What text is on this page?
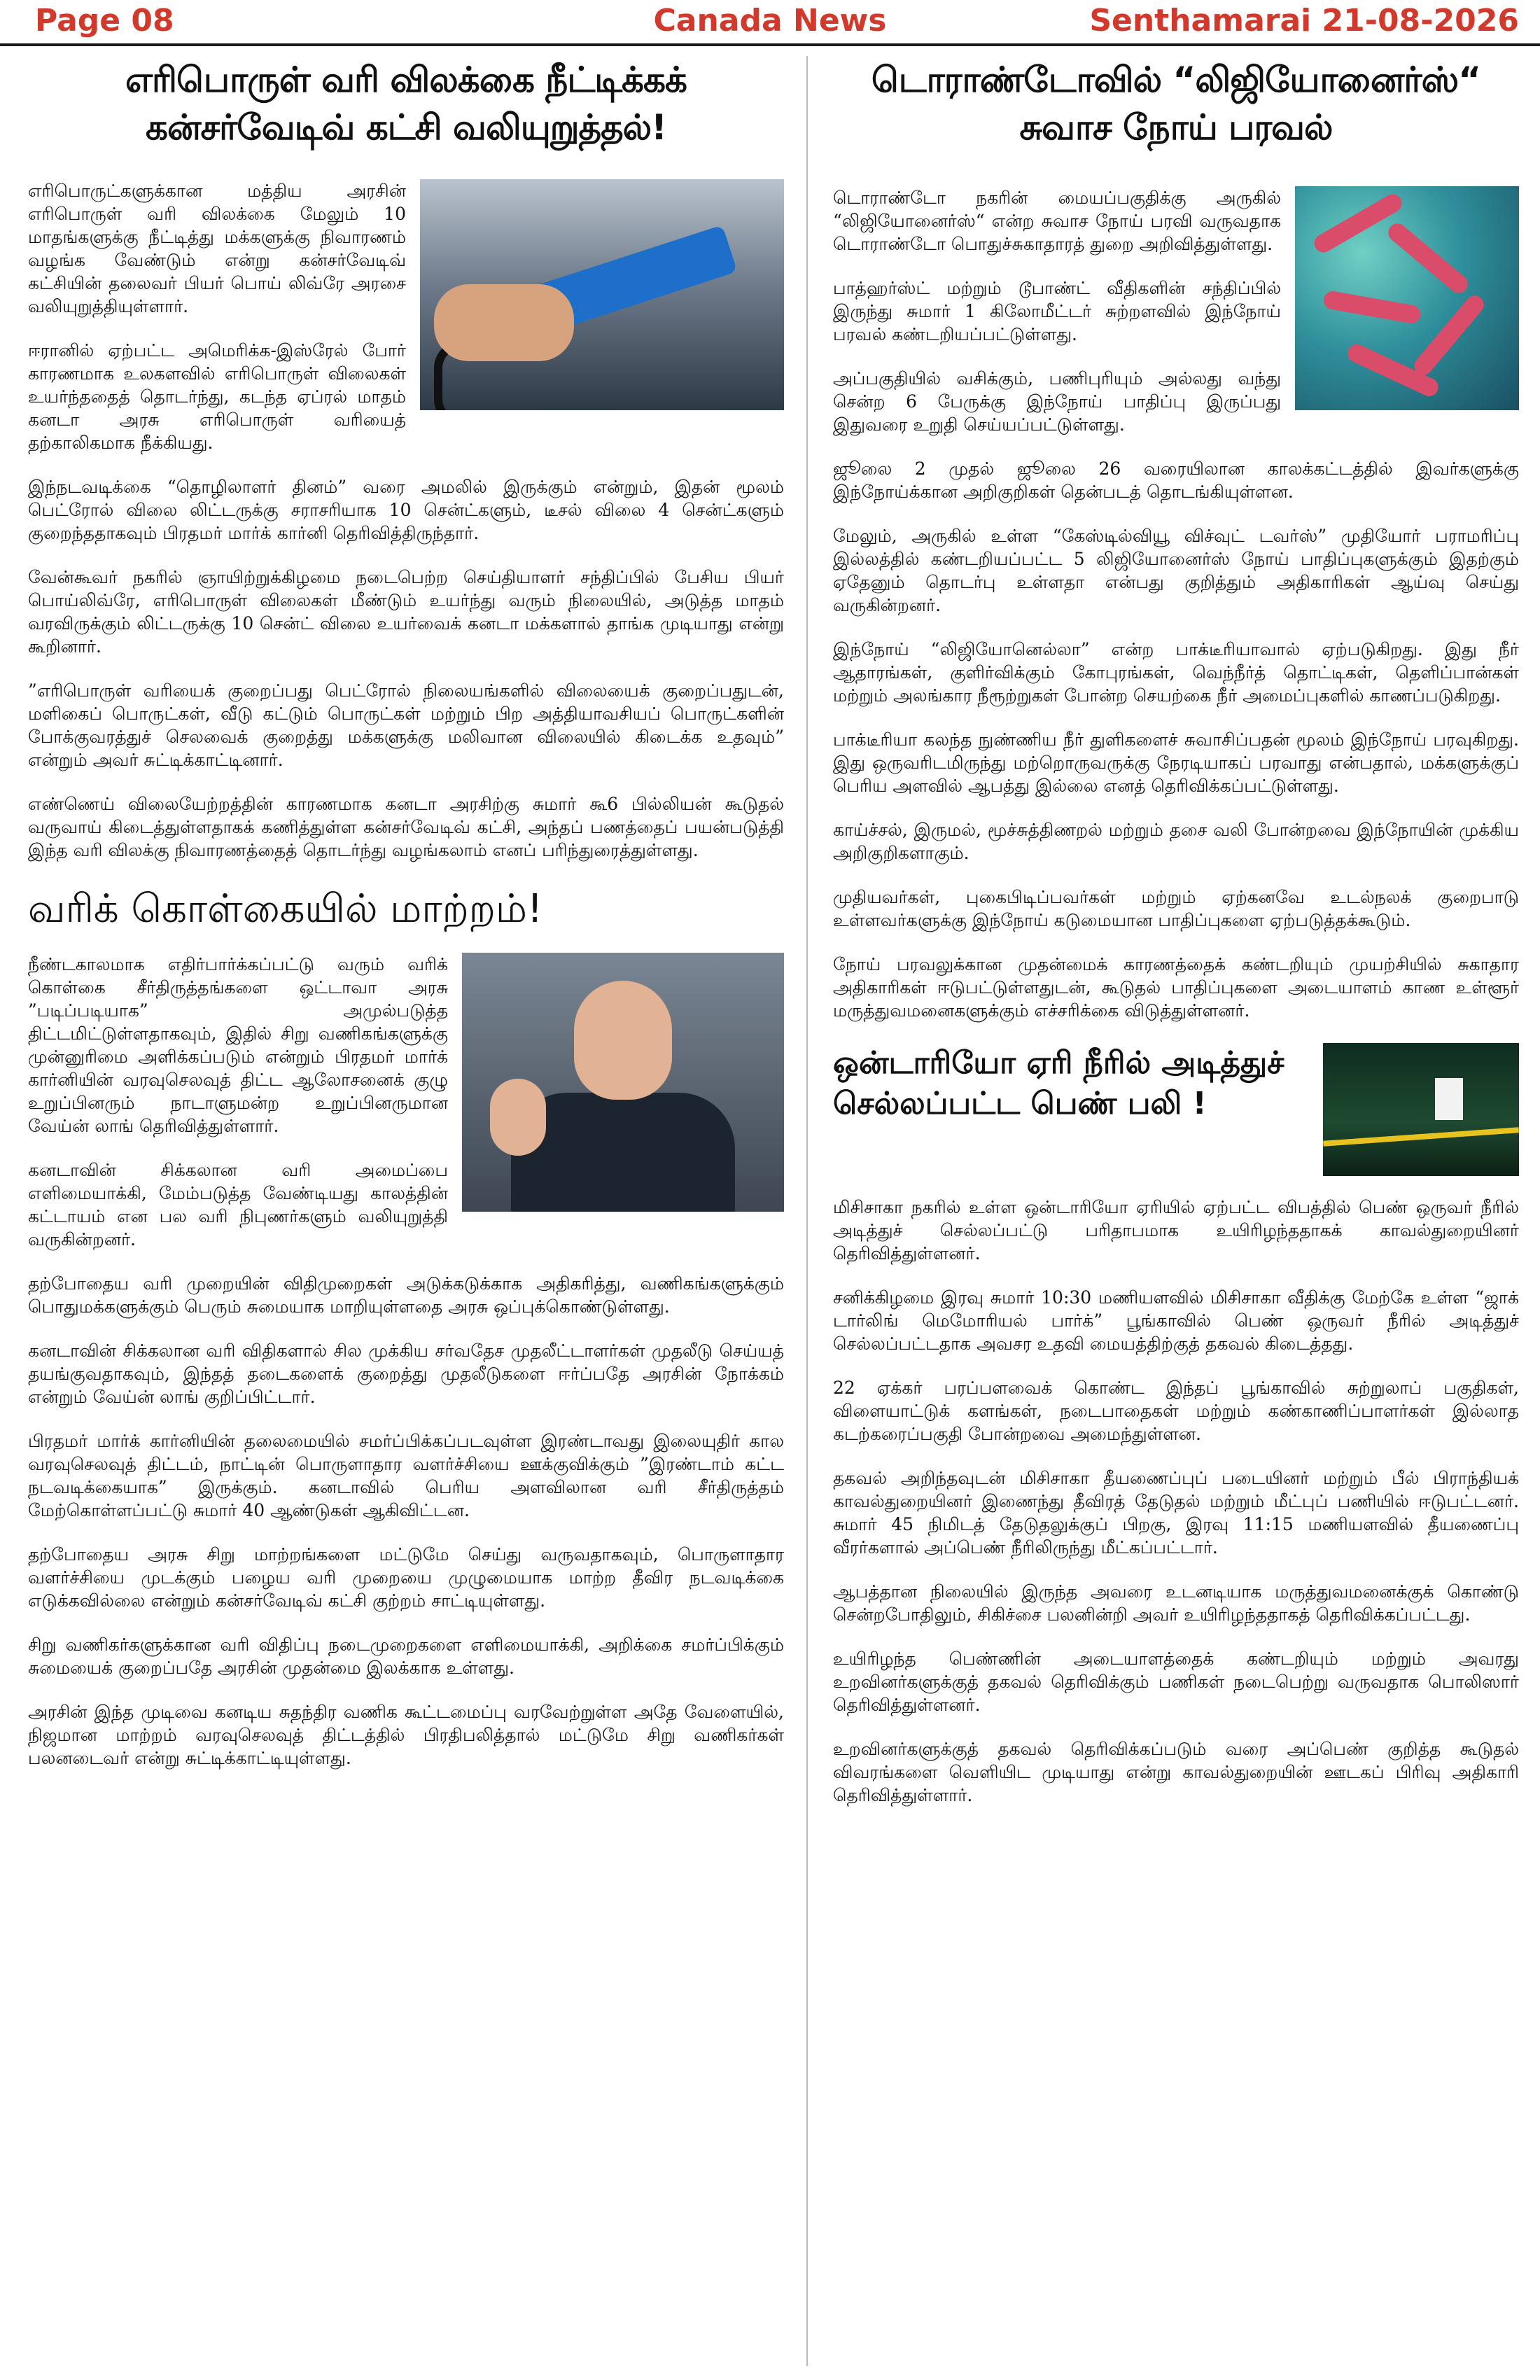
Page 08	Canada News	Senthamarai 21-08-2026
எரிபொருள் வரி விலக்கை நீட்டிக்கக்
கன்சர்வேடிவ் கட்சி வலியுறுத்தல்!

எரிபொருட்களுக்கான மத்திய அரசின் எரிபொருள் வரி விலக்கை மேலும் 10 மாதங்களுக்கு நீட்டித்து மக்களுக்கு நிவாரணம் வழங்க வேண்டும் என்று கன்சர்வேடிவ் கட்சியின் தலைவர் பியர் பொய் லிவ்ரே அரசை வலியுறுத்தியுள்ளார்.

ஈரானில் ஏற்பட்ட அமெரிக்க-இஸ்ரேல் போர் காரணமாக உலகளவில் எரிபொருள் விலைகள் உயர்ந்ததைத் தொடர்ந்து, கடந்த ஏப்ரல் மாதம் கனடா அரசு எரிபொருள் வரியைத் தற்காலிகமாக நீக்கியது.

இந்நடவடிக்கை “தொழிலாளர் தினம்” வரை அமலில் இருக்கும் என்றும், இதன் மூலம் பெட்ரோல் விலை லிட்டருக்கு சராசரியாக 10 சென்ட்களும், டீசல் விலை 4 சென்ட்களும் குறைந்ததாகவும் பிரதமர் மார்க் கார்னி தெரிவித்திருந்தார்.

வேன்கூவர் நகரில் ஞாயிற்றுக்கிழமை நடைபெற்ற செய்தியாளர் சந்திப்பில் பேசிய பியர் பொய்லிவ்ரே, எரிபொருள் விலைகள் மீண்டும் உயர்ந்து வரும் நிலையில், அடுத்த மாதம் வரவிருக்கும் லிட்டருக்கு 10 சென்ட் விலை உயர்வைக் கனடா மக்களால் தாங்க முடியாது என்று கூறினார்.

”எரிபொருள் வரியைக் குறைப்பது பெட்ரோல் நிலையங்களில் விலையைக் குறைப்பதுடன், மளிகைப் பொருட்கள், வீடு கட்டும் பொருட்கள் மற்றும் பிற அத்தியாவசியப் பொருட்களின் போக்குவரத்துச் செலவைக் குறைத்து மக்களுக்கு மலிவான விலையில் கிடைக்க உதவும்” என்றும் அவர் சுட்டிக்காட்டினார்.

எண்ணெய் விலையேற்றத்தின் காரணமாக கனடா அரசிற்கு சுமார் கூ6 பில்லியன் கூடுதல் வருவாய் கிடைத்துள்ளதாகக் கணித்துள்ள கன்சர்வேடிவ் கட்சி, அந்தப் பணத்தைப் பயன்படுத்தி இந்த வரி விலக்கு நிவாரணத்தைத் தொடர்ந்து வழங்கலாம் எனப் பரிந்துரைத்துள்ளது.

வரிக் கொள்கையில் மாற்றம்!

நீண்டகாலமாக எதிர்பார்க்கப்பட்டு வரும் வரிக் கொள்கை சீர்திருத்தங்களை ஒட்டாவா அரசு ”படிப்படியாக” அமுல்படுத்த திட்டமிட்டுள்ளதாகவும், இதில் சிறு வணிகங்களுக்கு முன்னுரிமை அளிக்கப்படும் என்றும் பிரதமர் மார்க் கார்னியின் வரவுசெலவுத் திட்ட ஆலோசனைக் குழு உறுப்பினரும் நாடாளுமன்ற உறுப்பினருமான வேய்ன் லாங் தெரிவித்துள்ளார்.

கனடாவின் சிக்கலான வரி அமைப்பை எளிமையாக்கி, மேம்படுத்த வேண்டியது காலத்தின் கட்டாயம் என பல வரி நிபுணர்களும் வலியுறுத்தி வருகின்றனர்.

தற்போதைய வரி முறையின் விதிமுறைகள் அடுக்கடுக்காக அதிகரித்து, வணிகங்களுக்கும் பொதுமக்களுக்கும் பெரும் சுமையாக மாறியுள்ளதை அரசு ஒப்புக்கொண்டுள்ளது.

கனடாவின் சிக்கலான வரி விதிகளால் சில முக்கிய சர்வதேச முதலீட்டாளர்கள் முதலீடு செய்யத் தயங்குவதாகவும், இந்தத் தடைகளைக் குறைத்து முதலீடுகளை ஈர்ப்பதே அரசின் நோக்கம் என்றும் வேய்ன் லாங் குறிப்பிட்டார்.

பிரதமர் மார்க் கார்னியின் தலைமையில் சமர்ப்பிக்கப்படவுள்ள இரண்டாவது இலையுதிர் கால வரவுசெலவுத் திட்டம், நாட்டின் பொருளாதார வளர்ச்சியை ஊக்குவிக்கும் ”இரண்டாம் கட்ட நடவடிக்கையாக” இருக்கும். கனடாவில் பெரிய அளவிலான வரி சீர்திருத்தம் மேற்கொள்ளப்பட்டு சுமார் 40 ஆண்டுகள் ஆகிவிட்டன.

தற்போதைய அரசு சிறு மாற்றங்களை மட்டுமே செய்து வருவதாகவும், பொருளாதார வளர்ச்சியை முடக்கும் பழைய வரி முறையை முழுமையாக மாற்ற தீவிர நடவடிக்கை எடுக்கவில்லை என்றும் கன்சர்வேடிவ் கட்சி குற்றம் சாட்டியுள்ளது.

சிறு வணிகர்களுக்கான வரி விதிப்பு நடைமுறைகளை எளிமையாக்கி, அறிக்கை சமர்ப்பிக்கும் சுமையைக் குறைப்பதே அரசின் முதன்மை இலக்காக உள்ளது.

அரசின் இந்த முடிவை கனடிய சுதந்திர வணிக கூட்டமைப்பு வரவேற்றுள்ள அதே வேளையில், நிஜமான மாற்றம் வரவுசெலவுத் திட்டத்தில் பிரதிபலித்தால் மட்டுமே சிறு வணிகர்கள் பலனடைவர் என்று சுட்டிக்காட்டியுள்ளது.

டொராண்டோவில் “லிஜியோனைர்ஸ்“
சுவாச நோய் பரவல்

டொராண்டோ நகரின் மையப்பகுதிக்கு அருகில் “லிஜியோனைர்ஸ்“ என்ற சுவாச நோய் பரவி வருவதாக டொராண்டோ பொதுச்சுகாதாரத் துறை அறிவித்துள்ளது.

பாத்ஹர்ஸ்ட் மற்றும் டூபாண்ட் வீதிகளின் சந்திப்பில் இருந்து சுமார் 1 கிலோமீட்டர் சுற்றளவில் இந்நோய் பரவல் கண்டறியப்பட்டுள்ளது.

அப்பகுதியில் வசிக்கும், பணிபுரியும் அல்லது வந்து சென்ற 6 பேருக்கு இந்நோய் பாதிப்பு இருப்பது இதுவரை உறுதி செய்யப்பட்டுள்ளது.

ஜூலை 2 முதல் ஜூலை 26 வரையிலான காலக்கட்டத்தில் இவர்களுக்கு இந்நோய்க்கான அறிகுறிகள் தென்படத் தொடங்கியுள்ளன.

மேலும், அருகில் உள்ள “கேஸ்டில்வியூ விச்வுட் டவர்ஸ்” முதியோர் பராமரிப்பு இல்லத்தில் கண்டறியப்பட்ட 5 லிஜியோனைர்ஸ் நோய் பாதிப்புகளுக்கும் இதற்கும் ஏதேனும் தொடர்பு உள்ளதா என்பது குறித்தும் அதிகாரிகள் ஆய்வு செய்து வருகின்றனர்.

இந்நோய் “லிஜியோனெல்லா” என்ற பாக்டீரியாவால் ஏற்படுகிறது. இது நீர் ஆதாரங்கள், குளிர்விக்கும் கோபுரங்கள், வெந்நீர்த் தொட்டிகள், தெளிப்பான்கள் மற்றும் அலங்கார நீரூற்றுகள் போன்ற செயற்கை நீர் அமைப்புகளில் காணப்படுகிறது.

பாக்டீரியா கலந்த நுண்ணிய நீர் துளிகளைச் சுவாசிப்பதன் மூலம் இந்நோய் பரவுகிறது. இது ஒருவரிடமிருந்து மற்றொருவருக்கு நேரடியாகப் பரவாது என்பதால், மக்களுக்குப் பெரிய அளவில் ஆபத்து இல்லை எனத் தெரிவிக்கப்பட்டுள்ளது.

காய்ச்சல், இருமல், மூச்சுத்திணறல் மற்றும் தசை வலி போன்றவை இந்நோயின் முக்கிய அறிகுறிகளாகும்.

முதியவர்கள், புகைபிடிப்பவர்கள் மற்றும் ஏற்கனவே உடல்நலக் குறைபாடு உள்ளவர்களுக்கு இந்நோய் கடுமையான பாதிப்புகளை ஏற்படுத்தக்கூடும்.

நோய் பரவலுக்கான முதன்மைக் காரணத்தைக் கண்டறியும் முயற்சியில் சுகாதார அதிகாரிகள் ஈடுபட்டுள்ளதுடன், கூடுதல் பாதிப்புகளை அடையாளம் காண உள்ளூர் மருத்துவமனைகளுக்கும் எச்சரிக்கை விடுத்துள்ளனர்.

ஒன்டாரியோ ஏரி நீரில் அடித்துச்
செல்லப்பட்ட பெண் பலி !

மிசிசாகா நகரில் உள்ள ஒன்டாரியோ ஏரியில் ஏற்பட்ட விபத்தில் பெண் ஒருவர் நீரில் அடித்துச் செல்லப்பட்டு பரிதாபமாக உயிரிழந்ததாகக் காவல்துறையினர் தெரிவித்துள்ளனர்.

சனிக்கிழமை இரவு சுமார் 10:30 மணியளவில் மிசிசாகா வீதிக்கு மேற்கே உள்ள “ஜாக் டார்லிங் மெமோரியல் பார்க்” பூங்காவில் பெண் ஒருவர் நீரில் அடித்துச் செல்லப்பட்டதாக அவசர உதவி மையத்திற்குத் தகவல் கிடைத்தது.

22 ஏக்கர் பரப்பளவைக் கொண்ட இந்தப் பூங்காவில் சுற்றுலாப் பகுதிகள், விளையாட்டுக் களங்கள், நடைபாதைகள் மற்றும் கண்காணிப்பாளர்கள் இல்லாத கடற்கரைப்பகுதி போன்றவை அமைந்துள்ளன.

தகவல் அறிந்தவுடன் மிசிசாகா தீயணைப்புப் படையினர் மற்றும் பீல் பிராந்தியக் காவல்துறையினர் இணைந்து தீவிரத் தேடுதல் மற்றும் மீட்புப் பணியில் ஈடுபட்டனர். சுமார் 45 நிமிடத் தேடுதலுக்குப் பிறகு, இரவு 11:15 மணியளவில் தீயணைப்பு வீரர்களால் அப்பெண் நீரிலிருந்து மீட்கப்பட்டார்.

ஆபத்தான நிலையில் இருந்த அவரை உடனடியாக மருத்துவமனைக்குக் கொண்டு சென்றபோதிலும், சிகிச்சை பலனின்றி அவர் உயிரிழந்ததாகத் தெரிவிக்கப்பட்டது.

உயிரிழந்த பெண்ணின் அடையாளத்தைக் கண்டறியும் மற்றும் அவரது உறவினர்களுக்குத் தகவல் தெரிவிக்கும் பணிகள் நடைபெற்று வருவதாக பொலிஸார் தெரிவித்துள்ளனர்.

உறவினர்களுக்குத் தகவல் தெரிவிக்கப்படும் வரை அப்பெண் குறித்த கூடுதல் விவரங்களை வெளியிட முடியாது என்று காவல்துறையின் ஊடகப் பிரிவு அதிகாரி தெரிவித்துள்ளார்.
